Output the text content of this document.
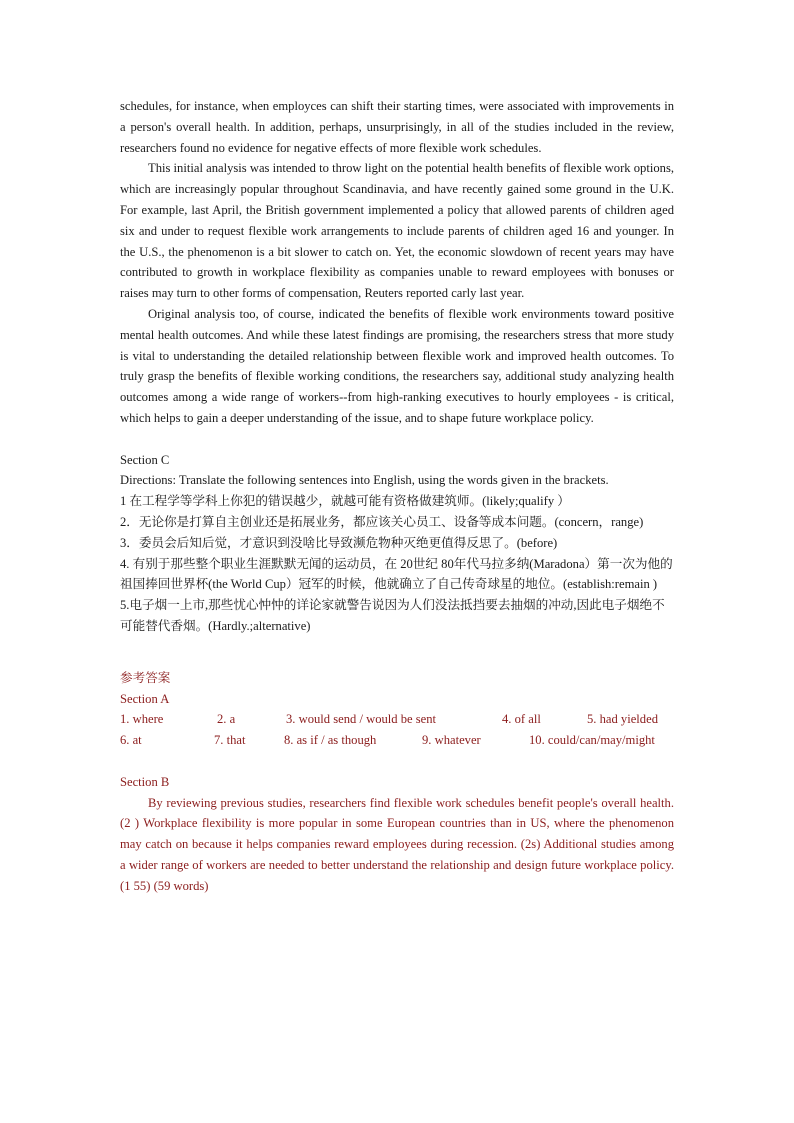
schedules, for instance, when employces can shift their starting times, were associated with improvements in a person's overall health. In addition, perhaps, unsurprisingly, in all of the studies included in the review, researchers found no evidence for negative effects of more flexible work schedules.

This initial analysis was intended to throw light on the potential health benefits of flexible work options, which are increasingly popular throughout Scandinavia, and have recently gained some ground in the U.K. For example, last April, the British government implemented a policy that allowed parents of children aged six and under to request flexible work arrangements to include parents of children aged 16 and younger. In the U.S., the phenomenon is a bit slower to catch on. Yet, the economic slowdown of recent years may have contributed to growth in workplace flexibility as companies unable to reward employees with bonuses or raises may turn to other forms of compensation, Reuters reported carly last year.

Original analysis too, of course, indicated the benefits of flexible work environments toward positive mental health outcomes. And while these latest findings are promising, the researchers stress that more study is vital to understanding the detailed relationship between flexible work and improved health outcomes. To truly grasp the benefits of flexible working conditions, the researchers say, additional study analyzing health outcomes among a wide range of workers--from high-ranking executives to hourly employees - is critical, which helps to gain a deeper understanding of the issue, and to shape future workplace policy.

Section C

Directions: Translate the following sentences into English, using the words given in the brackets.

1 在工程学等学科上你犯的错误越少，就越可能有资格做建筑师。(likely;qualify ）

2．无论你是打算自主创业还是拓展业务，都应该关心员工、设备等成本问题。(concern，range)

3．委员会后知后觉，才意识到没啥比导致濒危物种灭绝更值得反思了。(before)

4. 有别于那些整个职业生涯默默无闻的运动员，在 20世纪 80年代马拉多纳(Maradona）第一次为他的祖国捧回世界杯(the World Cup）冠军的时候，他就确立了自己传奇球星的地位。(establish:remain )

5.电子烟一上市,那些忧心忡忡的详论家就警告说因为人们没法抵挡要去抽烟的冲动,因此电子烟绝不可能替代香烟。(Hardly.;alternative)

参考答案

Section A

1. where	2. a	3. would send / would be sent	4. of all	5. had yielded
6. at	7. that	8. as if / as though	9. whatever	10. could/can/may/might

Section B

By reviewing previous studies, researchers find flexible work schedules benefit people's overall health. (2 ) Workplace flexibility is more popular in some European countries than in US, where the phenomenon may catch on because it helps companies reward employees during recession. (2s) Additional studies among a wider range of workers are needed to better understand the relationship and design future workplace policy. (1 55) (59 words)
